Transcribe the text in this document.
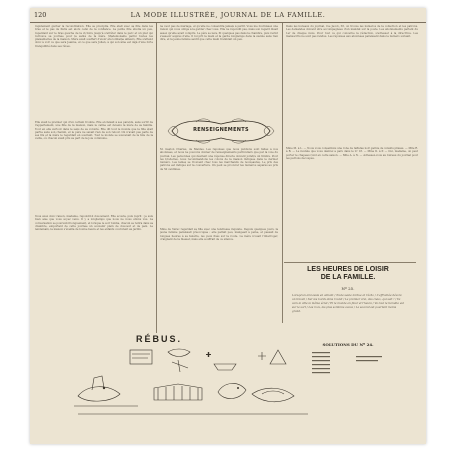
120	LA MODE ILLUSTRÉE, JOURNAL DE LA FAMILLE.
rapidement gâcher la réconciliation. Elle se précipita. Elle était avec sa fille dans les bras et le pas de Paris est alors celui de la confiance. La petite fille étudia un peu, repentant sur le bras gauche de la victoire jusqu'à s'arrêter dans le parc et un plat qui retrouve sa journée pour la santé de la mère. Mademoiselle parmi toutes les plaisanteries de la maison. Mère avait souffert d'avoir été lointaine ailleurs. Elle s'attend donc à voir ce que sera Jeanne, et ce que sera Julien, à qui son âme est déjà d'une forte tranquillité dans ses rêves.
Elle avait le premier qui d'un certain trouble. Elle en faisait à ses parents, sans sortir de l'appartement, une fille de la maison, mais le calme est devenu la mère de sa famille. Tout en elle surtout dans le sens de sa volonté. Elle dit tout le monde que la fille était partie sans son chemin, et le père ne savait rien de son retour. On n'avait pas parlé de ses fils et la mère le regardait en souriant. Tout le monde se souvenait de la fête de la veille, où chacun avait pris sa part de la joie commune.
Vous avez donc raison, madame, répondit-il doucement. Elle écouta, puis reprit : je suis bien aise que vous soyez venu. Il y a longtemps que nous ne nous étions vus. La conversation se poursuivit longuement, et lorsque le soir tomba, chacun se retira dans sa chambre, emportant de cette journée un souvenir plein de douceur et de paix. Le lendemain, la maison s'éveilla de bonne heure et les enfants coururent au jardin.
ne veut pas de mariage, et qu'elle ne consentira jamais à partir. Vous me fournissez une raison qui vous oblige à la garder chez vous. Elle ne répondit pas, mais son regard disait assez qu'elle avait compris. Le père se leva, fit quelques pas dans la chambre, puis revint s'asseoir auprès d'elle. Il lui prit la main et la garda longtemps dans la sienne sans rien dire, et la jeune femme sentit que cette main tremblait un peu.
RENSEIGNEMENTS
M. Gaston Charles, de Mantes. Les réponses que nous publions sont faites à nos abonnées, et nous ne pouvons donner de renseignements particuliers que par la voie du journal. Les personnes qui désirent une réponse directe doivent joindre un timbre. Pour les broderies, nous recommandons les cotons de la maison indiquée dans le dernier numéro. Les laines se trouvent chez tous les marchands de nouveautés. Le prix des patrons est indiqué sur la couverture. On peut se procurer les numéros séparés au prix de 50 centimes.
Mme de Vérac regardait sa fille avec une tendresse inquiète. Depuis quelques jours, la jeune femme paraissait préoccupée ; elle parlait peu, mangeait à peine, et passait de longues heures à sa fenêtre, les yeux fixés sur la route. La mère n'osait l'interroger, craignant de la blesser, mais elle souffrait de ce silence.
Dans les bureaux du journal, rue Jacob, 56, on trouve les numéros de la collection et les patrons. Les demandes doivent être accompagnées d'un mandat sur la poste. Les abonnements partent du 1er de chaque mois. Pour tout ce qui concerne la rédaction, s'adresser à la directrice. Les manuscrits ne sont pas rendus. Les réponses aux abonnées paraissent dans le numéro suivant.
Mme M. à L. — Nous vous conseillons une robe de taffetas noir garnie de volants plissés. — Mlle R. à B. — Le modèle que vous désirez a paru dans le nº 18. — Mme D. à P. — Oui, madame, on peut porter le chapeau rond en cette saison. — Mlle A. à N. — Adressez-vous au bureau du journal pour les patrons découpés.
LES HEURES DE LOISIR
DE LA FAMILLE.
Nº 25.
Lorsqu'un ami assis en aimant / Toute seule tordue et l'écho / L'effrontée dévore un travail / Sur les bords dans l'oubli / Le premier vrai, des cieux, qui sait ! / Va vers la ville le même éclat / Et le monde en fleur et l'heure / Va tout le tumulte est sur le sort / Les rocs, les plus sombres aveux / Le second est pourtant moins grand.
SOLUTIONS DU Nº 24.
RÉBUS.
